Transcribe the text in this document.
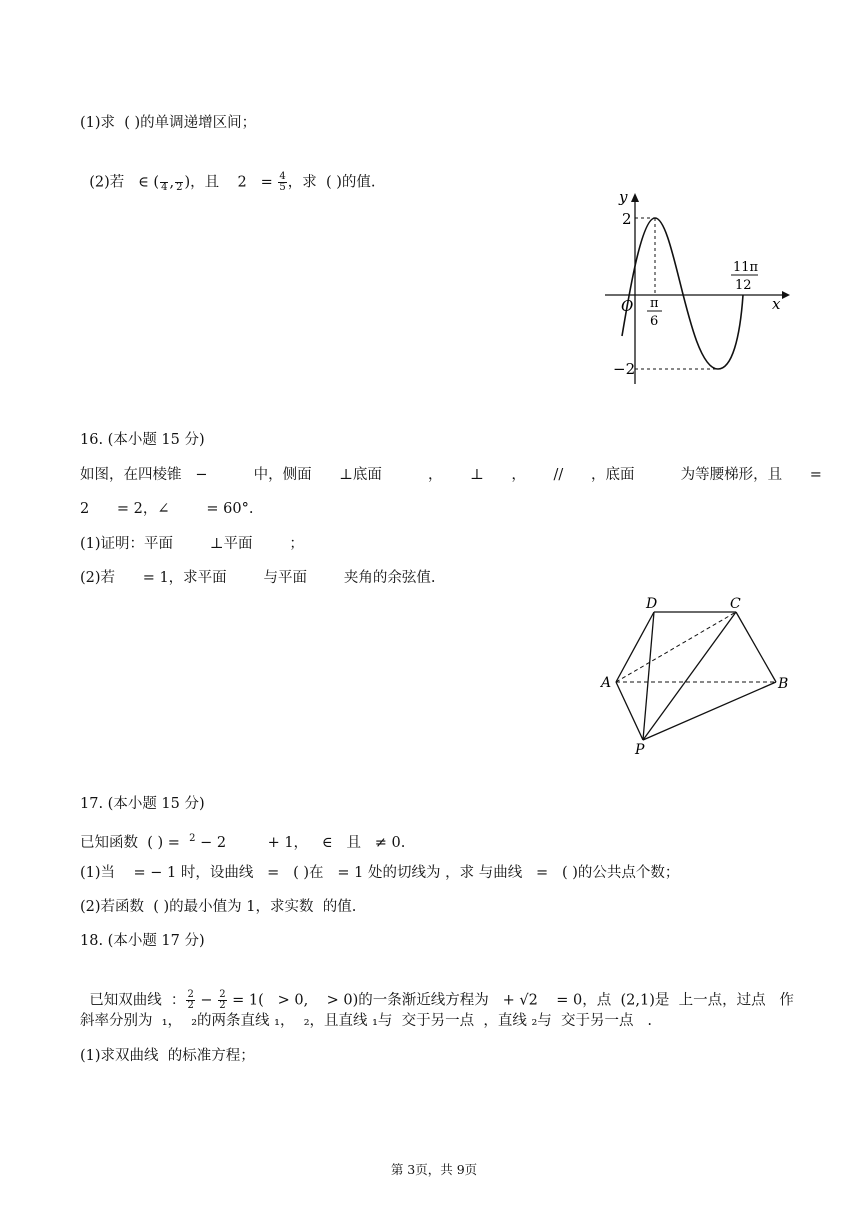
(1)求  ( )的单调递增区间；

(2)若   ∈ (
4 ,
2 )，且    $2 = \frac{4}{5}$ ，求  ( )的值.

y
x
O
2
−2
π
6
11π
12
16. (本小题 15 分)
如图，在四棱锥   −          中，侧面      ⊥底面          ，      ⊥      ，      //      ，底面          为等腰梯形，且      =
2      = 2，∠        = 60°.
(1)证明：平面        ⊥平面        ；
(2)若      = 1，求平面        与平面        夹角的余弦值.
D	C
A	B
P
17. (本小题 15 分)
已知函数  ( ) =  $^2$ − 2         + 1，   ∈   且   ≠ 0.
(1)当    = − 1 时，设曲线   =   ( )在   = 1 处的切线为 ，求 与曲线   =   ( )的公共点个数；
(2)若函数  ( )的最小值为 1，求实数  的值.
18. (本小题 17 分)

已知双曲线  ： $\frac{2}{2} - \frac{2}{2} = 1( > 0$,    > 0)的一条渐近线方程为   + √2    = 0，点  (2,1)是  上一点，过点   作

斜率分别为  ₁，  ₂的两条直线 ₁，  ₂，且直线 ₁与  交于另一点  ，直线 ₂与  交于另一点   .
(1)求双曲线  的标准方程；
第 3页，共 9页
